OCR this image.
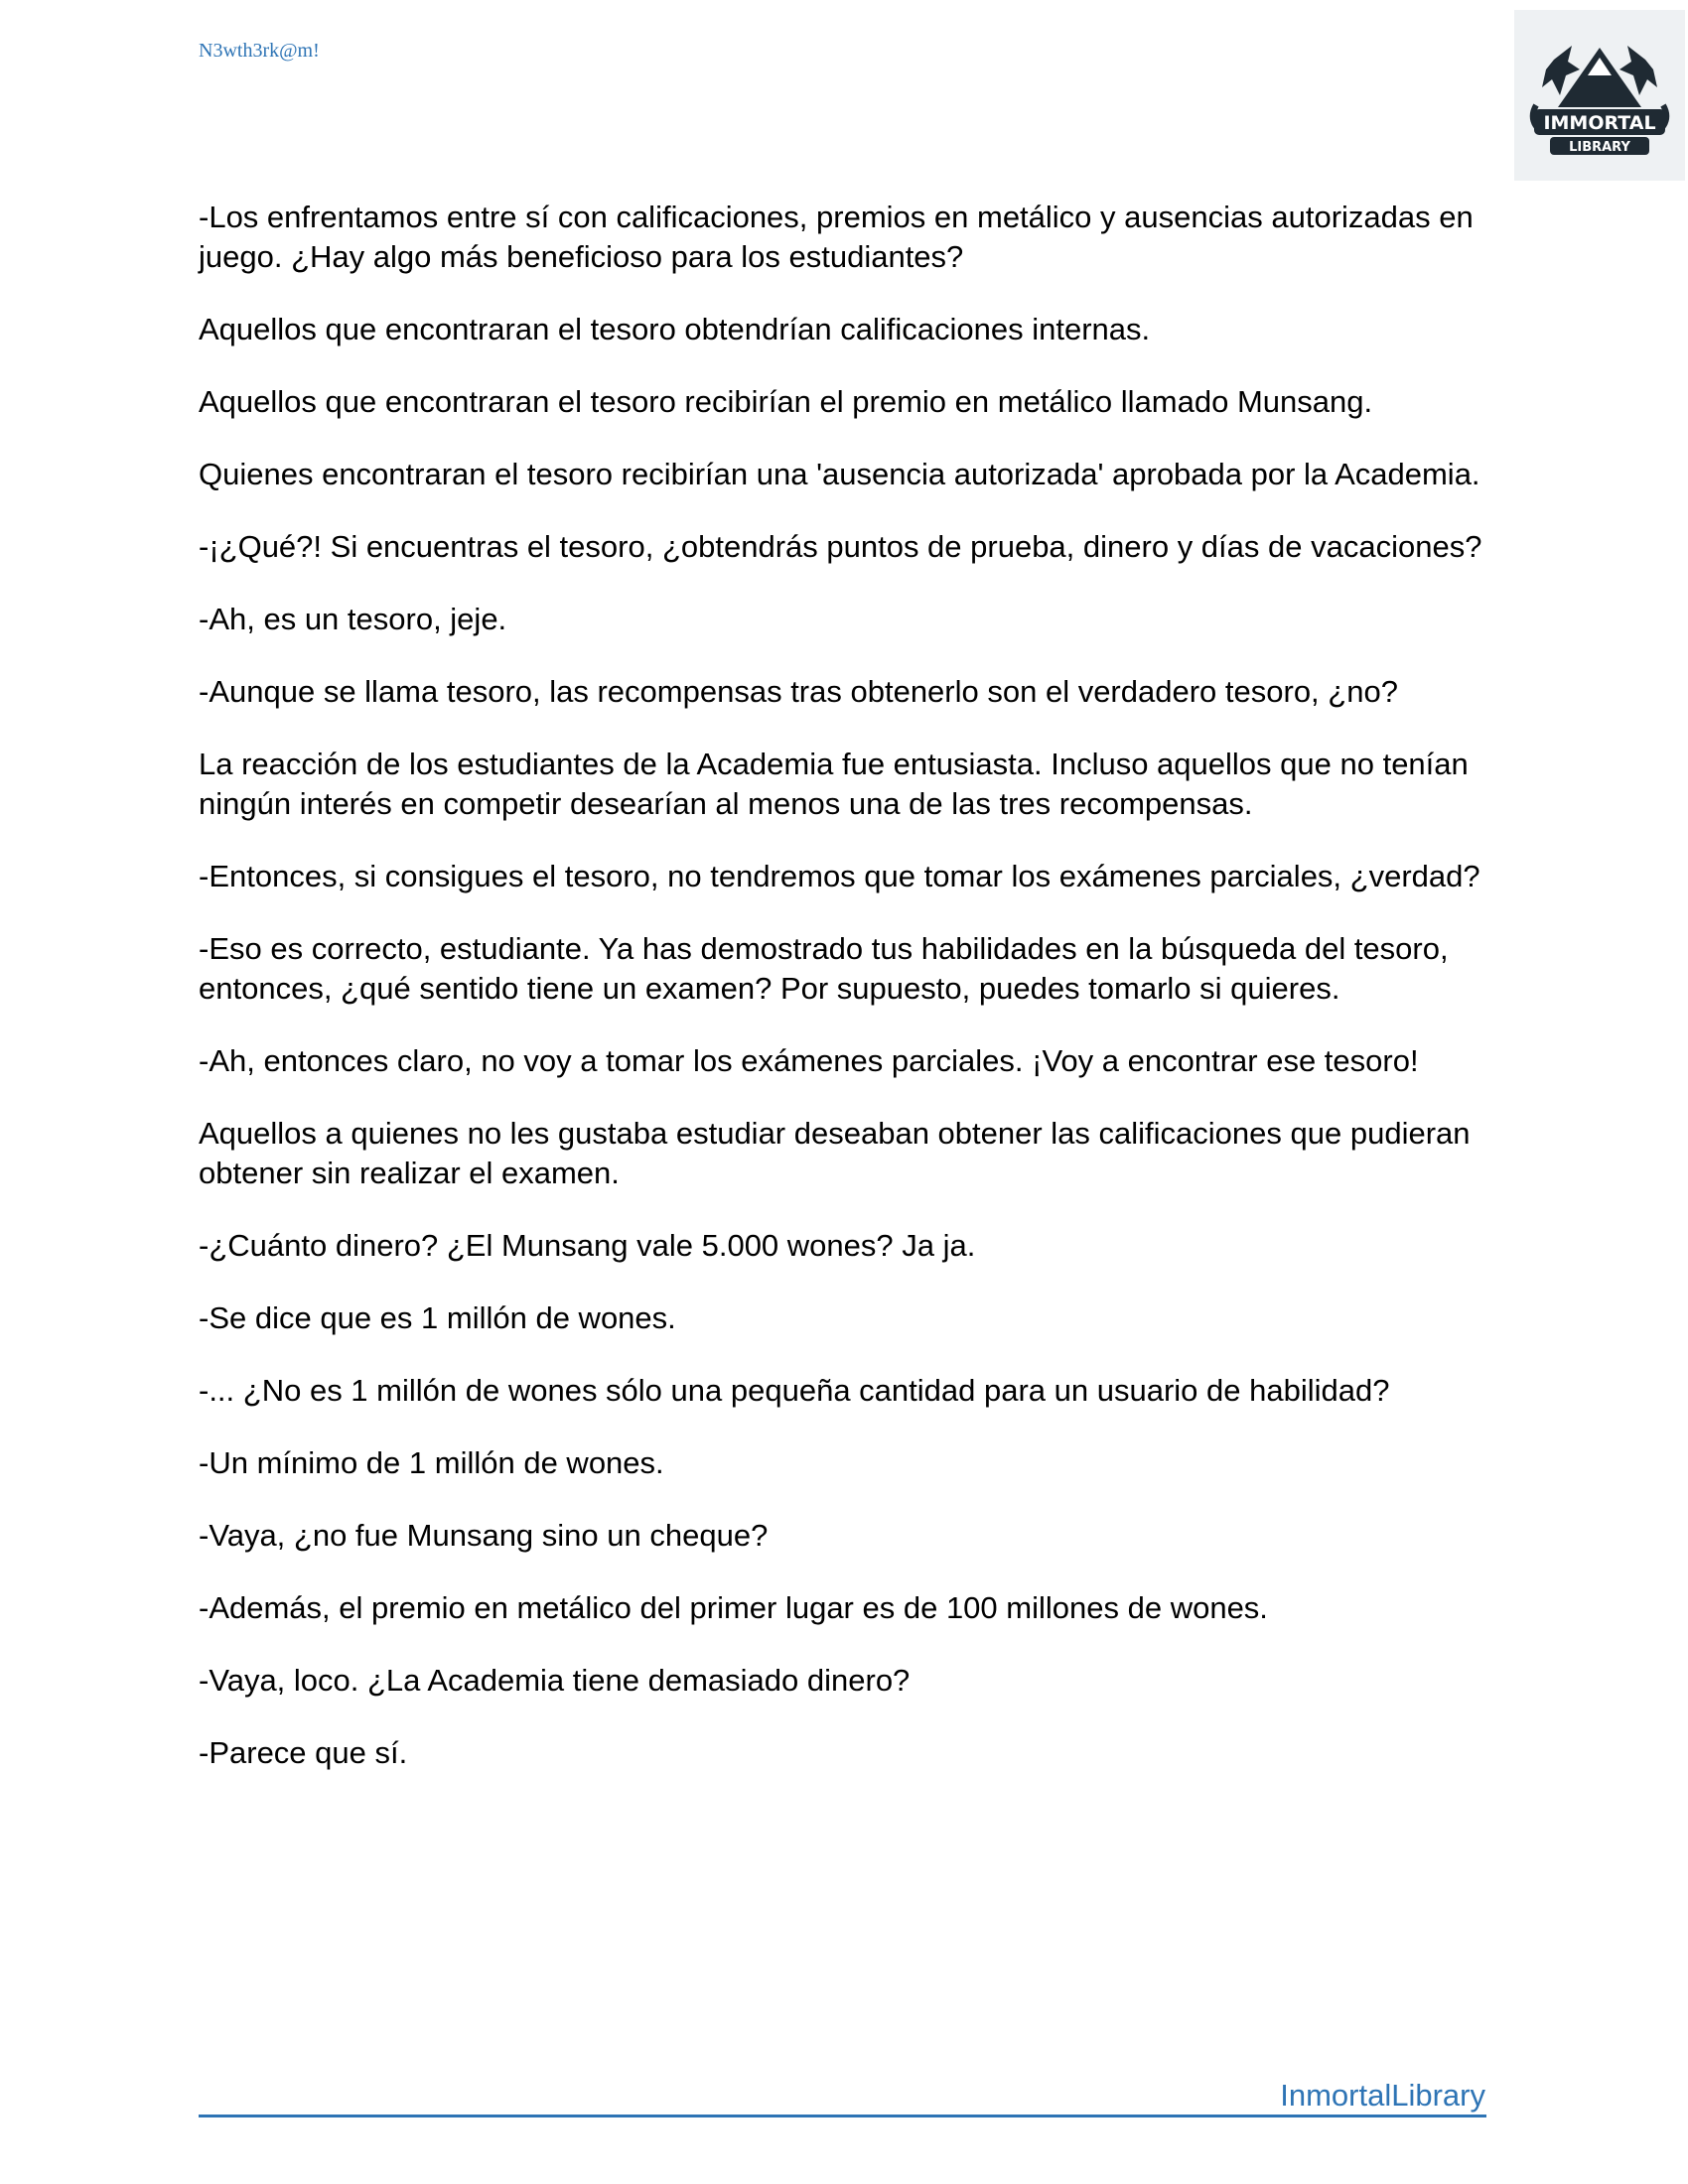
N3wth3rk@m!
IMMORTAL
LIBRARY

-Los enfrentamos entre sí con calificaciones, premios en metálico y ausencias autorizadas en juego. ¿Hay algo más beneficioso para los estudiantes?

Aquellos que encontraran el tesoro obtendrían calificaciones internas.

Aquellos que encontraran el tesoro recibirían el premio en metálico llamado Munsang.

Quienes encontraran el tesoro recibirían una 'ausencia autorizada' aprobada por la Academia.

-¡¿Qué?! Si encuentras el tesoro, ¿obtendrás puntos de prueba, dinero y días de vacaciones?

-Ah, es un tesoro, jeje.

-Aunque se llama tesoro, las recompensas tras obtenerlo son el verdadero tesoro, ¿no?

La reacción de los estudiantes de la Academia fue entusiasta. Incluso aquellos que no tenían ningún interés en competir desearían al menos una de las tres recompensas.

-Entonces, si consigues el tesoro, no tendremos que tomar los exámenes parciales, ¿verdad?

-Eso es correcto, estudiante. Ya has demostrado tus habilidades en la búsqueda del tesoro, entonces, ¿qué sentido tiene un examen? Por supuesto, puedes tomarlo si quieres.

-Ah, entonces claro, no voy a tomar los exámenes parciales. ¡Voy a encontrar ese tesoro!

Aquellos a quienes no les gustaba estudiar deseaban obtener las calificaciones que pudieran obtener sin realizar el examen.

-¿Cuánto dinero? ¿El Munsang vale 5.000 wones? Ja ja.

-Se dice que es 1 millón de wones.

-... ¿No es 1 millón de wones sólo una pequeña cantidad para un usuario de habilidad?

-Un mínimo de 1 millón de wones.

-Vaya, ¿no fue Munsang sino un cheque?

-Además, el premio en metálico del primer lugar es de 100 millones de wones.

-Vaya, loco. ¿La Academia tiene demasiado dinero?

-Parece que sí.

InmortalLibrary
